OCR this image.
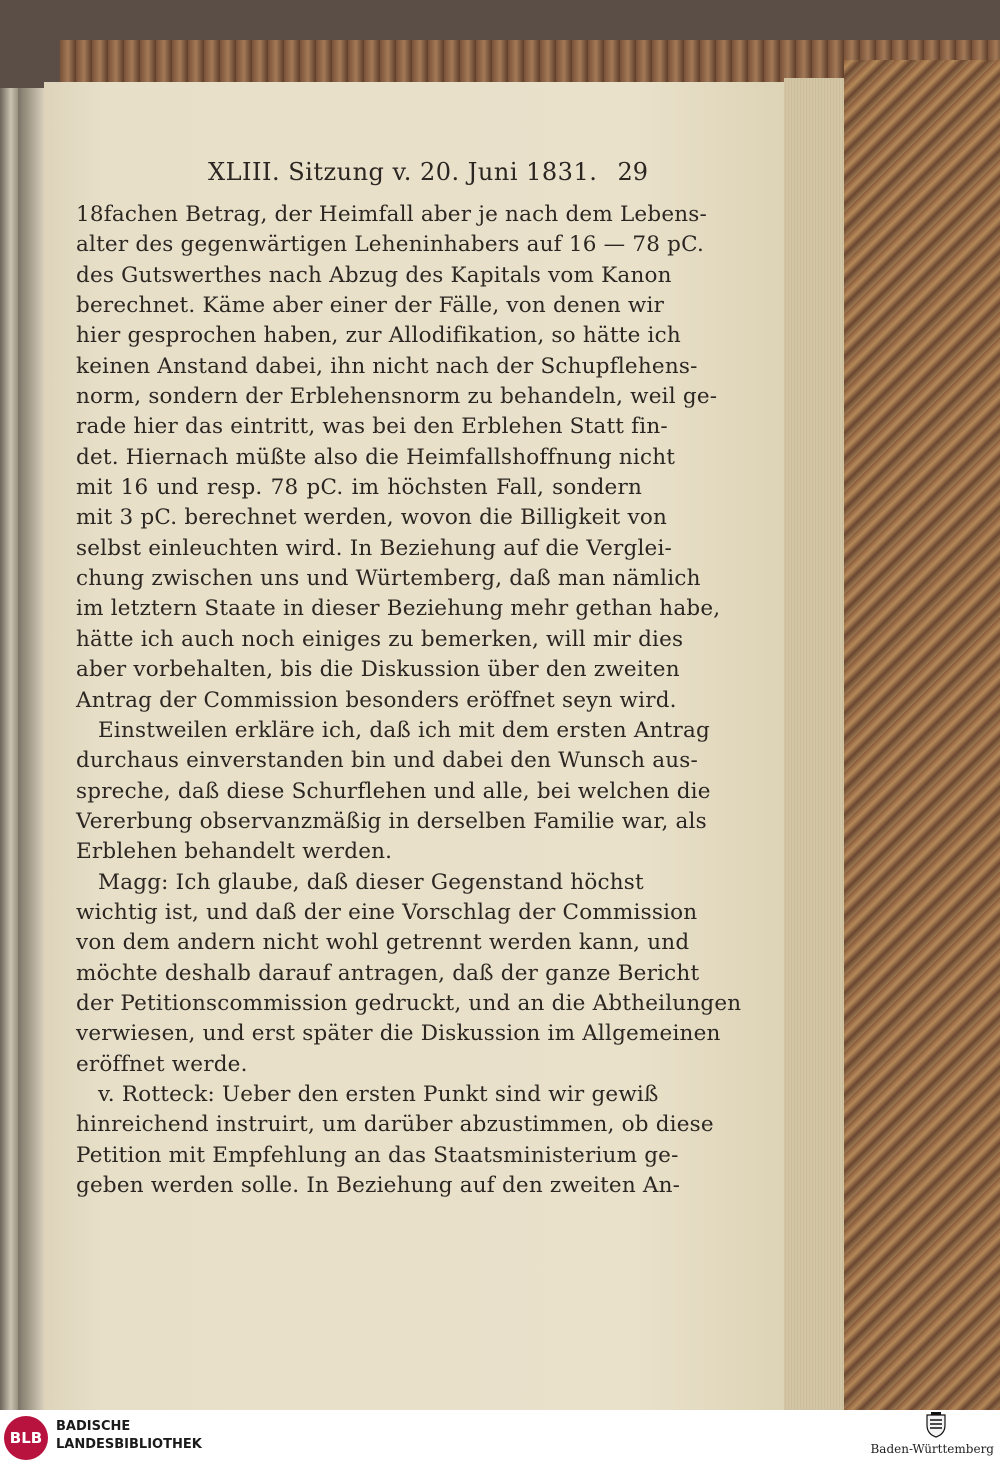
XLIII. Sitzung v. 20. Juni 1831. 29
18fachen Betrag, der Heimfall aber je nach dem Lebens-
alter des gegenwärtigen Leheninhabers auf 16 — 78 pC.
des Gutswerthes nach Abzug des Kapitals vom Kanon
berechnet. Käme aber einer der Fälle, von denen wir
hier gesprochen haben, zur Allodifikation, so hätte ich
keinen Anstand dabei, ihn nicht nach der Schupflehens-
norm, sondern der Erblehensnorm zu behandeln, weil ge-
rade hier das eintritt, was bei den Erblehen Statt fin-
det. Hiernach müßte also die Heimfallshoffnung nicht
mit 16 und resp. 78 pC. im höchsten Fall, sondern
mit 3 pC. berechnet werden, wovon die Billigkeit von
selbst einleuchten wird. In Beziehung auf die Verglei-
chung zwischen uns und Würtemberg, daß man nämlich
im letztern Staate in dieser Beziehung mehr gethan habe,
hätte ich auch noch einiges zu bemerken, will mir dies
aber vorbehalten, bis die Diskussion über den zweiten
Antrag der Commission besonders eröffnet seyn wird.
Einstweilen erkläre ich, daß ich mit dem ersten Antrag
durchaus einverstanden bin und dabei den Wunsch aus-
spreche, daß diese Schurflehen und alle, bei welchen die
Vererbung observanzmäßig in derselben Familie war, als
Erblehen behandelt werden.
Magg: Ich glaube, daß dieser Gegenstand höchst
wichtig ist, und daß der eine Vorschlag der Commission
von dem andern nicht wohl getrennt werden kann, und
möchte deshalb darauf antragen, daß der ganze Bericht
der Petitionscommission gedruckt, und an die Abtheilungen
verwiesen, und erst später die Diskussion im Allgemeinen
eröffnet werde.
v. Rotteck: Ueber den ersten Punkt sind wir gewiß
hinreichend instruirt, um darüber abzustimmen, ob diese
Petition mit Empfehlung an das Staatsministerium ge-
geben werden solle. In Beziehung auf den zweiten An-
BLB
BADISCHE
LANDESBIBLIOTHEK	Baden-Württemberg
